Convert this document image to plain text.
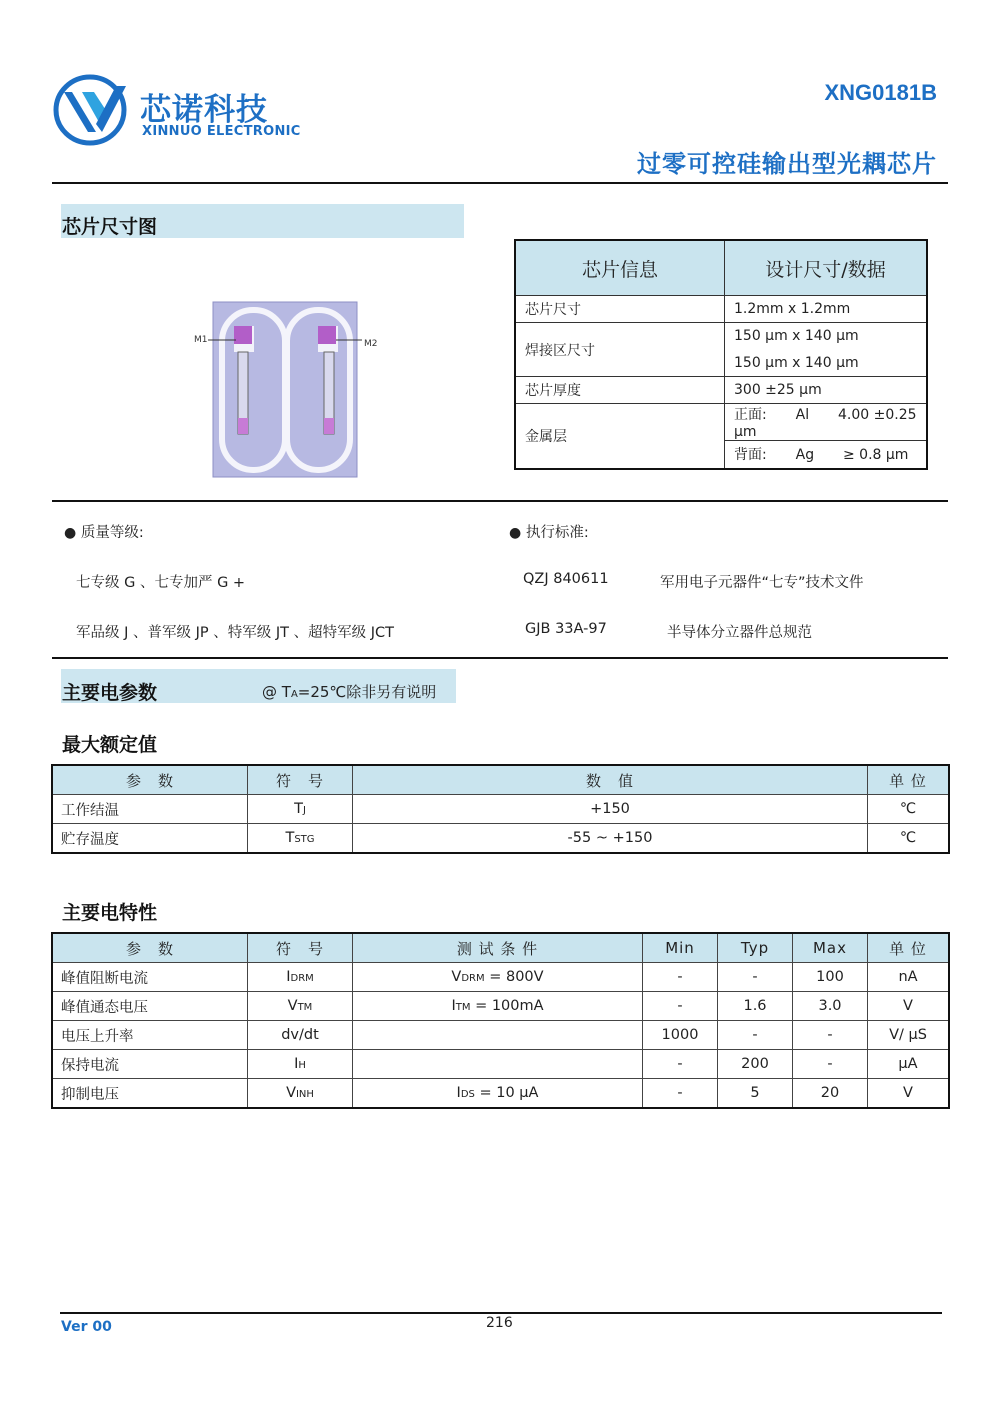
芯诺科技
XINNUO ELECTRONIC
XNG0181B
过零可控硅输出型光耦芯片
芯片尺寸图
M1	M2
芯片信息	设计尺寸/数据
芯片尺寸	1.2mm x 1.2mm
焊接区尺寸	150 µm x 140 µm
	150 µm x 140 µm
芯片厚度	300 ±25 µm
金属层	正面: Al 4.00 ±0.25 µm
	背面: Ag ≥ 0.8 µm
● 质量等级:
七专级 G 、七专加严 G +
军品级 J 、普军级 JP 、特军级 JT 、超特军级 JCT
● 执行标准:
QZJ 840611	军用电子元器件“七专”技术文件
GJB 33A-97	半导体分立器件总规范
主要电参数	@ TA=25℃除非另有说明
最大额定值
参　数	符　号	数　值	单 位
工作结温	TJ	+150	℃
贮存温度	TSTG	-55 ~ +150	℃
主要电特性
参　数	符　号	测 试 条 件	Min	Typ	Max	单 位
峰值阻断电流	IDRM	VDRM = 800V	-	-	100	nA
峰值通态电压	VTM	ITM = 100mA	-	1.6	3.0	V
电压上升率	dv/dt		1000	-	-	V/ µS
保持电流	IH		-	200	-	µA
抑制电压	VINH	IDS = 10 µA	-	5	20	V
Ver 00	216
